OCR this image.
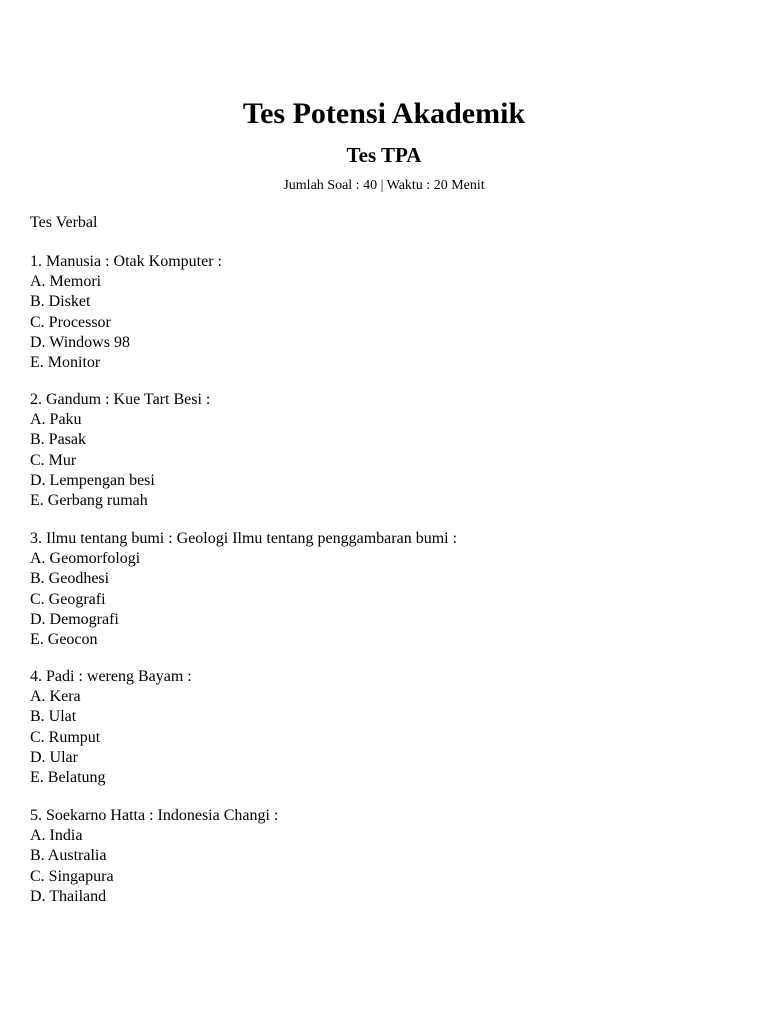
Tes Potensi Akademik
Tes TPA
Jumlah Soal : 40 | Waktu : 20 Menit
Tes Verbal
1. Manusia : Otak Komputer :
A. Memori
B. Disket
C. Processor
D. Windows 98
E. Monitor
2. Gandum : Kue Tart Besi :
A. Paku
B. Pasak
C. Mur
D. Lempengan besi
E. Gerbang rumah
3. Ilmu tentang bumi : Geologi Ilmu tentang penggambaran bumi :
A. Geomorfologi
B. Geodhesi
C. Geografi
D. Demografi
E. Geocon
4. Padi : wereng Bayam :
A. Kera
B. Ulat
C. Rumput
D. Ular
E. Belatung
5. Soekarno Hatta : Indonesia Changi :
A. India
B. Australia
C. Singapura
D. Thailand
